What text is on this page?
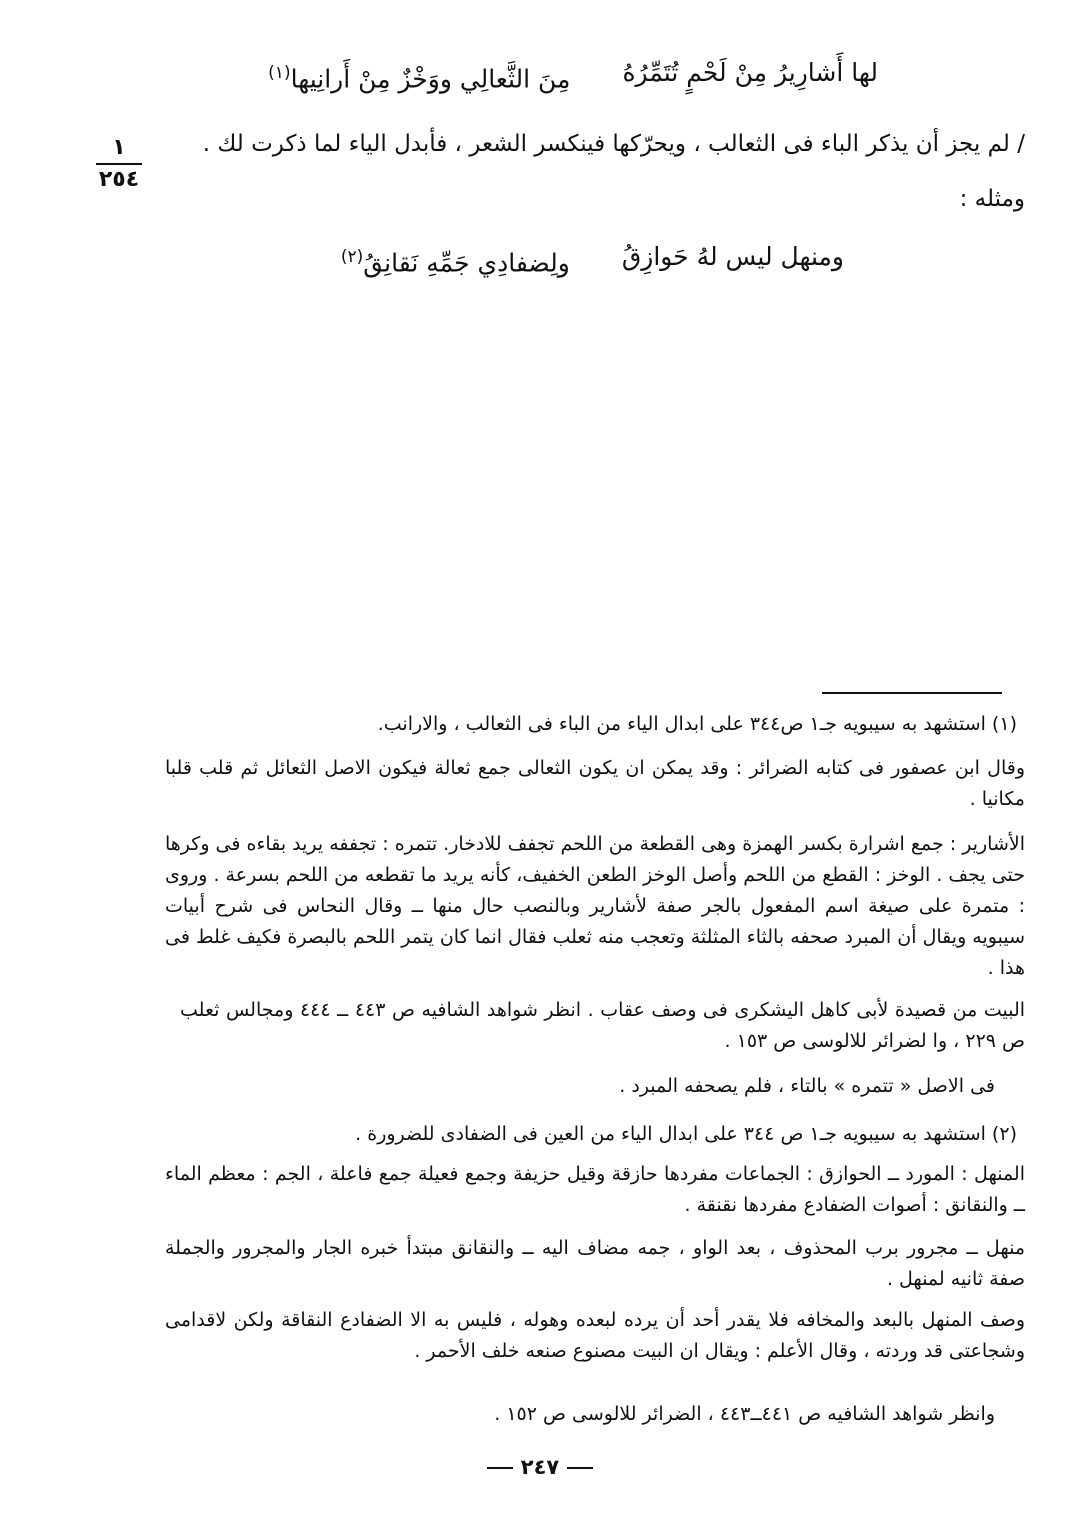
لها أَشارِيرُ مِنْ لَحْمٍ تُتَمِّرُهُ
مِنَ الثَّعالِي ووَخْزٌ مِنْ أَرانِيها$^{(١)}$
/ لم يجز أن يذكر الباء فى الثعالب ، ويحرّكها فينكسر الشعر ، فأبدل الياء لما ذكرت لك .
١
٢٥٤
ومثله :
ومنهل ليس لهُ حَوازِقُ
ولِضفادِي جَمِّهِ نَقانِقُ$^{(٢)}$
(١) استشهد به سيبويه جـ١ ص٣٤٤ على ابدال الياء من الباء فى الثعالب ، والارانب.
وقال ابن عصفور فى كتابه الضرائر : وقد يمكن ان يكون الثعالى جمع ثعالة فيكون الاصل الثعائل ثم قلب قلبا مكانيا .
الأشارير : جمع اشرارة بكسر الهمزة وهى القطعة من اللحم تجفف للادخار. تتمره : تجففه يريد بقاءه فى وكرها حتى يجف . الوخز : القطع من اللحم وأصل الوخز الطعن الخفيف، كأنه يريد ما تقطعه من اللحم بسرعة . وروى : متمرة على صيغة اسم المفعول بالجر صفة لأشارير وبالنصب حال منها ــ وقال النحاس فى شرح أبيات سيبويه ويقال أن المبرد صحفه بالثاء المثلثة وتعجب منه ثعلب فقال انما كان يتمر اللحم بالبصرة فكيف غلط فى هذا .
البيت من قصيدة لأبى كاهل اليشكرى فى وصف عقاب . انظر شواهد الشافيه ص ٤٤٣ ــ ٤٤٤ ومجالس ثعلب ص ٢٢٩ ، وا لضرائر للالوسى ص ١٥٣ .
فى الاصل « تتمره » بالتاء ، فلم يصحفه المبرد .
(٢) استشهد به سيبويه جـ١ ص ٣٤٤ على ابدال الياء من العين فى الضفادى للضرورة .
المنهل : المورد ــ الحوازق : الجماعات مفردها حازقة وقيل حزيفة وجمع فعيلة جمع فاعلة ، الجم : معظم الماء ــ والنقانق : أصوات الضفادع مفردها نقنقة .
منهل ــ مجرور برب المحذوف ، بعد الواو ، جمه مضاف اليه ــ والنقانق مبتدأ خبره الجار والمجرور والجملة صفة ثانيه لمنهل .
وصف المنهل بالبعد والمخافه فلا يقدر أحد أن يرده لبعده وهوله ، فليس به الا الضفادع النقاقة ولكن لاقدامى وشجاعتى قد وردته ، وقال الأعلم : ويقال ان البيت مصنوع صنعه خلف الأحمر .
وانظر شواهد الشافيه ص ٤٤١ــ٤٤٣ ، الضرائر للالوسى ص ١٥٢ .
٢٤٧
